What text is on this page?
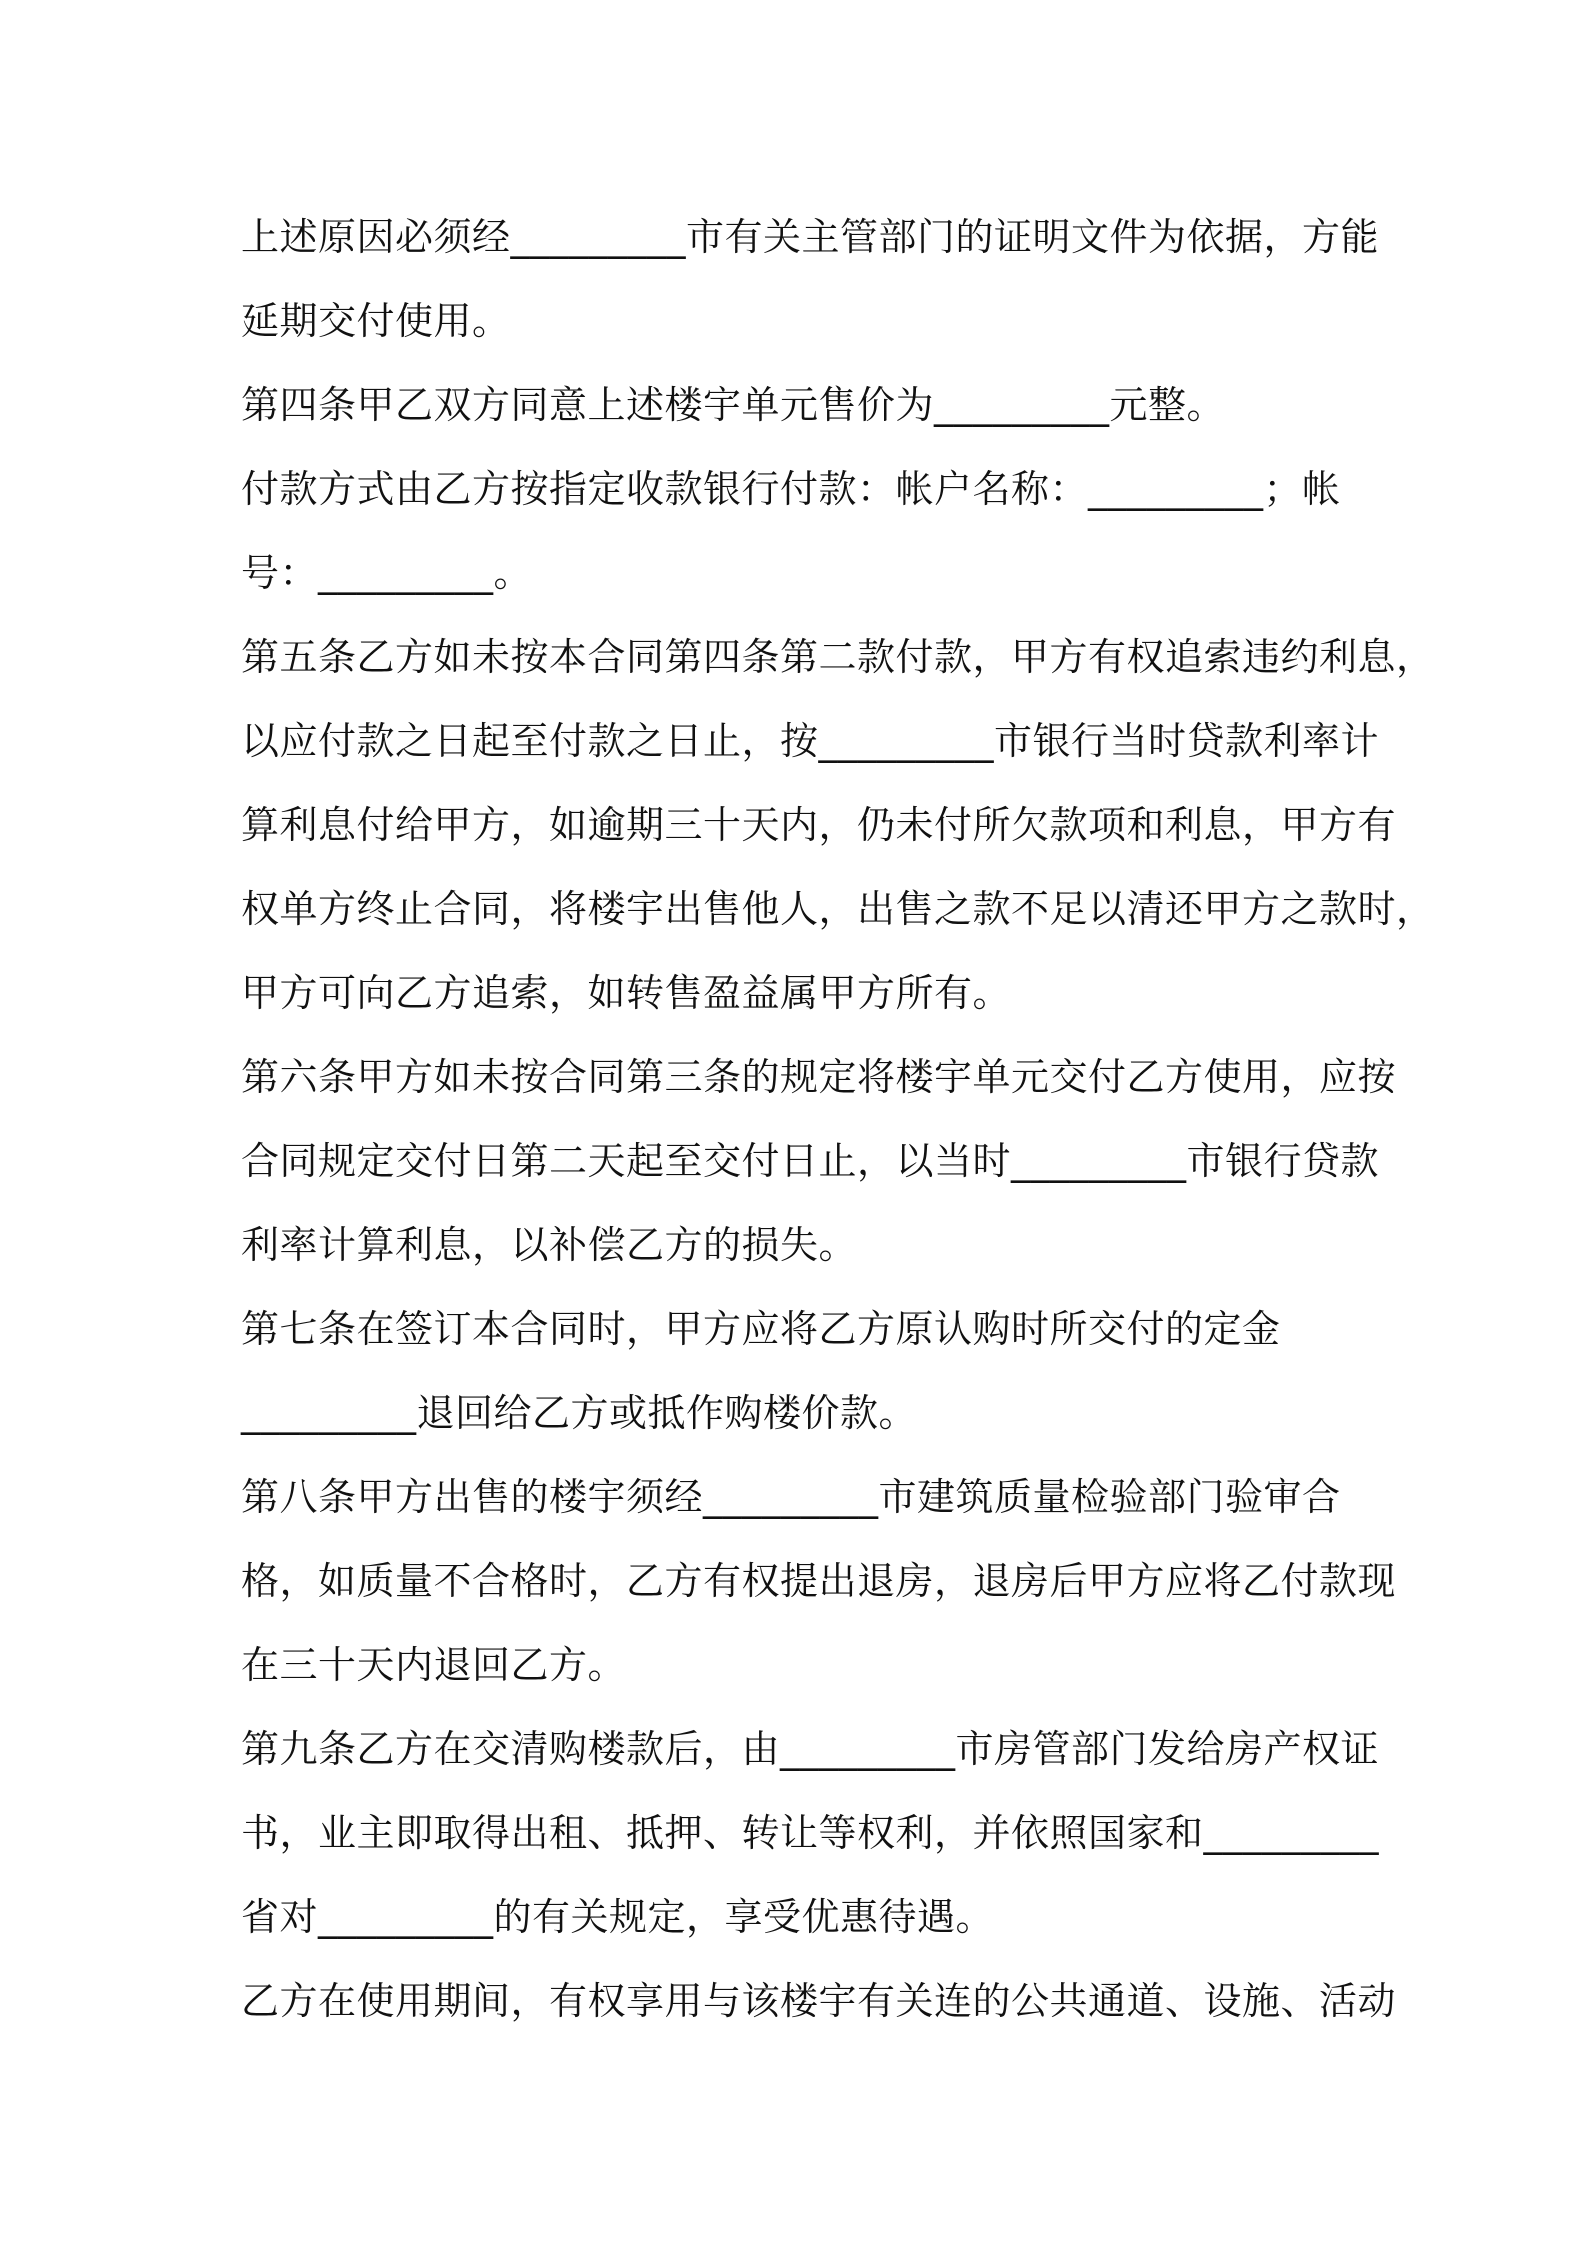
上述原因必须经_________市有关主管部门的证明文件为依据，方能
延期交付使用。
第四条甲乙双方同意上述楼宇单元售价为_________元整。
付款方式由乙方按指定收款银行付款：帐户名称：_________；帐
号：_________。
第五条乙方如未按本合同第四条第二款付款，甲方有权追索违约利息，
以应付款之日起至付款之日止，按_________市银行当时贷款利率计
算利息付给甲方，如逾期三十天内，仍未付所欠款项和利息，甲方有
权单方终止合同，将楼宇出售他人，出售之款不足以清还甲方之款时，
甲方可向乙方追索，如转售盈益属甲方所有。
第六条甲方如未按合同第三条的规定将楼宇单元交付乙方使用，应按
合同规定交付日第二天起至交付日止，以当时_________市银行贷款
利率计算利息，以补偿乙方的损失。
第七条在签订本合同时，甲方应将乙方原认购时所交付的定金
_________退回给乙方或抵作购楼价款。
第八条甲方出售的楼宇须经_________市建筑质量检验部门验审合
格，如质量不合格时，乙方有权提出退房，退房后甲方应将乙付款现
在三十天内退回乙方。
第九条乙方在交清购楼款后，由_________市房管部门发给房产权证
书，业主即取得出租、抵押、转让等权利，并依照国家和_________
省对_________的有关规定，享受优惠待遇。
乙方在使用期间，有权享用与该楼宇有关连的公共通道、设施、活动
